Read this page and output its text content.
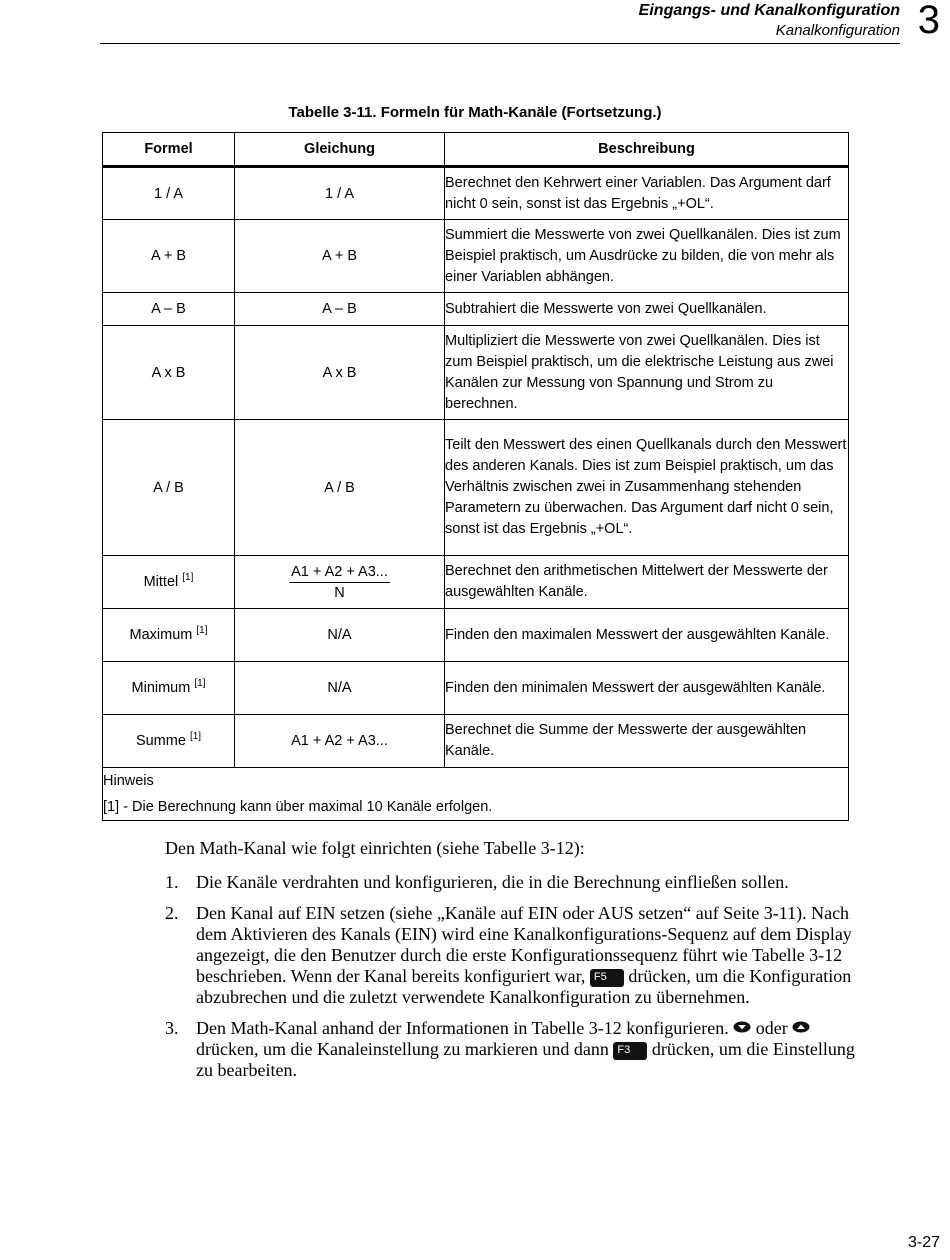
Eingangs- und Kanalkonfiguration
Kanalkonfiguration 3
Tabelle 3-11. Formeln für Math-Kanäle (Fortsetzung.)
Formel	Gleichung	Beschreibung
1 / A	1 / A	Berechnet den Kehrwert einer Variablen. Das Argument darf nicht 0 sein, sonst ist das Ergebnis „+OL“.
A + B	A + B	Summiert die Messwerte von zwei Quellkanälen. Dies ist zum Beispiel praktisch, um Ausdrücke zu bilden, die von mehr als einer Variablen abhängen.
A – B	A – B	Subtrahiert die Messwerte von zwei Quellkanälen.
A x B	A x B	Multipliziert die Messwerte von zwei Quellkanälen. Dies ist zum Beispiel praktisch, um die elektrische Leistung aus zwei Kanälen zur Messung von Spannung und Strom zu berechnen.
A / B	A / B	Teilt den Messwert des einen Quellkanals durch den Messwert des anderen Kanals. Dies ist zum Beispiel praktisch, um das Verhältnis zwischen zwei in Zusammenhang stehenden Parametern zu überwachen. Das Argument darf nicht 0 sein, sonst ist das Ergebnis „+OL“.
Mittel [1]	$\frac{A1 + A2 + A3...}{N}$	Berechnet den arithmetischen Mittelwert der Messwerte der ausgewählten Kanäle.
Maximum [1]	N/A	Finden den maximalen Messwert der ausgewählten Kanäle.
Minimum [1]	N/A	Finden den minimalen Messwert der ausgewählten Kanäle.
Summe [1]	A1 + A2 + A3...	Berechnet die Summe der Messwerte der ausgewählten Kanäle.

Hinweis
[1] - Die Berechnung kann über maximal 10 Kanäle erfolgen.		
Den Math-Kanal wie folgt einrichten (siehe Tabelle 3-12):
1. Die Kanäle verdrahten und konfigurieren, die in die Berechnung einfließen sollen.
2. Den Kanal auf EIN setzen (siehe „Kanäle auf EIN oder AUS setzen“ auf Seite 3-11). Nach dem Aktivieren des Kanals (EIN) wird eine Kanalkonfigurations-Sequenz auf dem Display angezeigt, die den Benutzer durch die erste Konfigurationssequenz führt wie Tabelle 3-12 beschrieben. Wenn der Kanal bereits konfiguriert war, F5 drücken, um die Konfiguration abzubrechen und die zuletzt verwendete Kanalkonfiguration zu übernehmen.
3. Den Math-Kanal anhand der Informationen in Tabelle 3-12 konfigurieren. oder  drücken, um die Kanaleinstellung zu markieren und dann F3 drücken, um die Einstellung zu bearbeiten.
3-27
